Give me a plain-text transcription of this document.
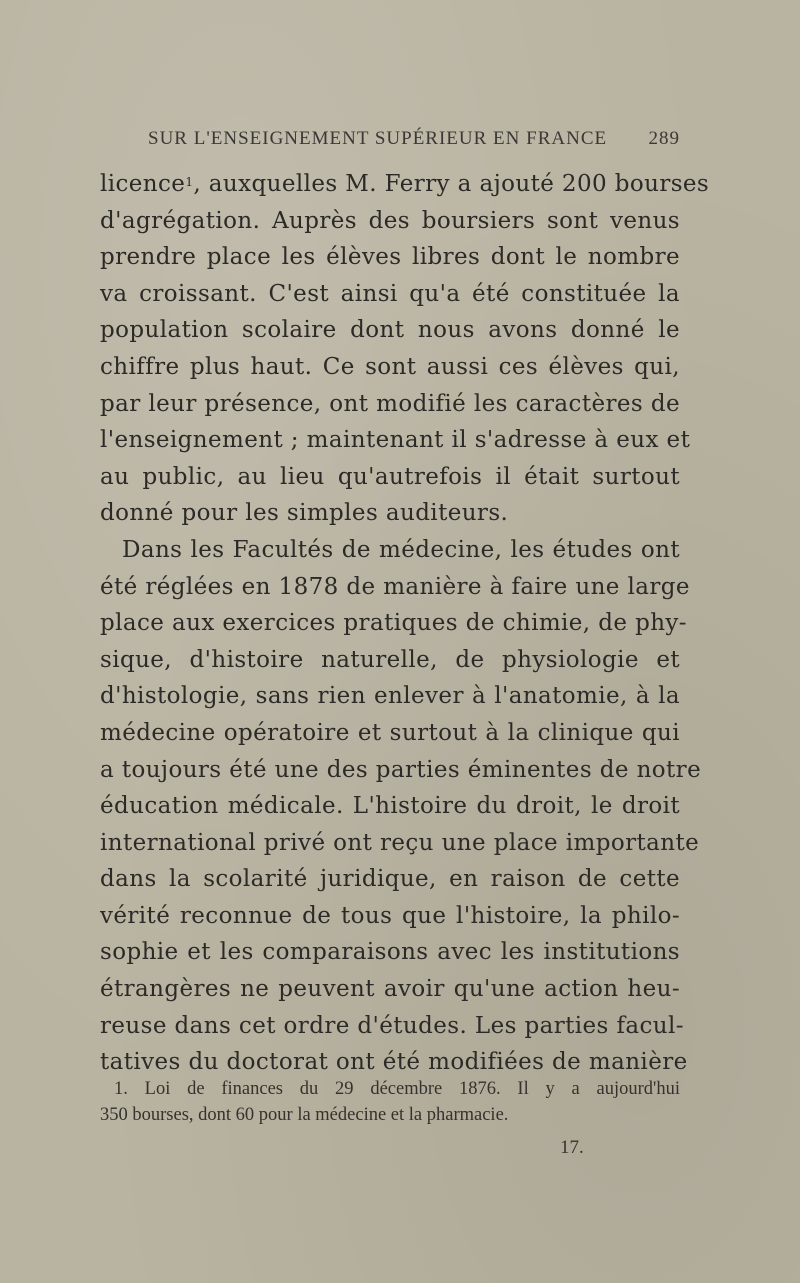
SUR L'ENSEIGNEMENT SUPÉRIEUR EN FRANCE 289
licence$^1$, auxquelles M. Ferry a ajouté 200 bourses
d'agrégation. Auprès des boursiers sont venus
prendre place les élèves libres dont le nombre
va croissant. C'est ainsi qu'a été constituée la
population scolaire dont nous avons donné le
chiffre plus haut. Ce sont aussi ces élèves qui,
par leur présence, ont modifié les caractères de
l'enseignement ; maintenant il s'adresse à eux et
au public, au lieu qu'autrefois il était surtout
donné pour les simples auditeurs.
Dans les Facultés de médecine, les études ont
été réglées en 1878 de manière à faire une large
place aux exercices pratiques de chimie, de phy-
sique, d'histoire naturelle, de physiologie et
d'histologie, sans rien enlever à l'anatomie, à la
médecine opératoire et surtout à la clinique qui
a toujours été une des parties éminentes de notre
éducation médicale. L'histoire du droit, le droit
international privé ont reçu une place importante
dans la scolarité juridique, en raison de cette
vérité reconnue de tous que l'histoire, la philo-
sophie et les comparaisons avec les institutions
étrangères ne peuvent avoir qu'une action heu-
reuse dans cet ordre d'études. Les parties facul-
tatives du doctorat ont été modifiées de manière
1. Loi de finances du 29 décembre 1876. Il y a aujourd'hui
350 bourses, dont 60 pour la médecine et la pharmacie.
17.
